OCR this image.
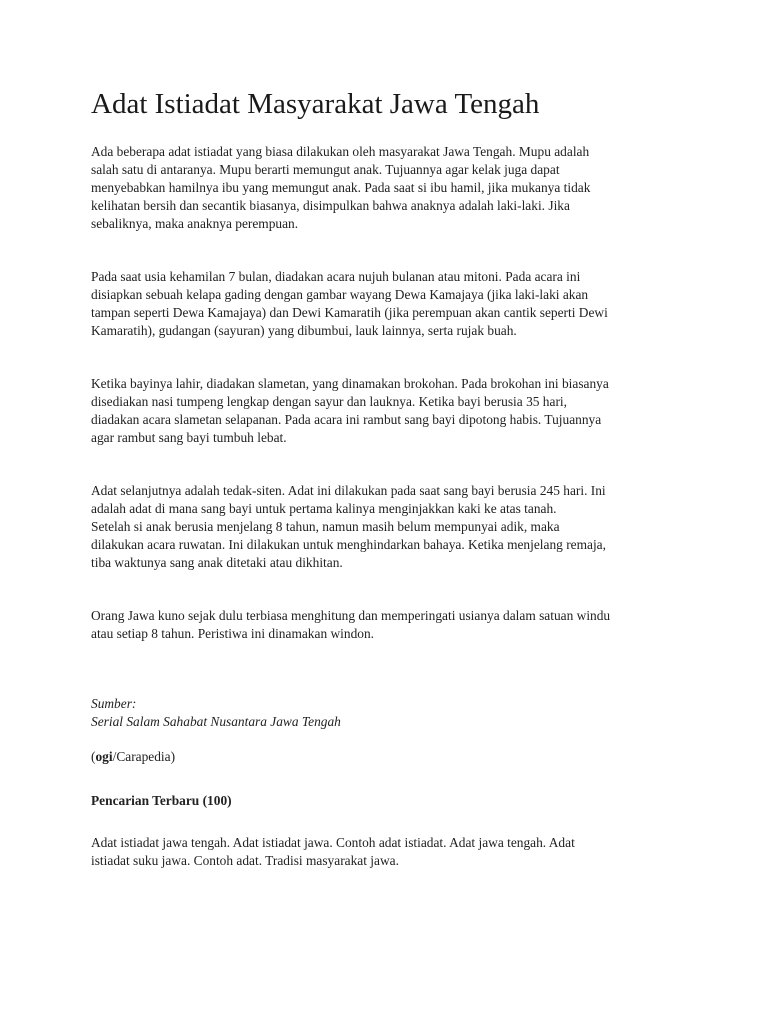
Adat Istiadat Masyarakat Jawa Tengah

Ada beberapa adat istiadat yang biasa dilakukan oleh masyarakat Jawa Tengah. Mupu adalah
salah satu di antaranya. Mupu berarti memungut anak. Tujuannya agar kelak juga dapat
menyebabkan hamilnya ibu yang memungut anak. Pada saat si ibu hamil, jika mukanya tidak
kelihatan bersih dan secantik biasanya, disimpulkan bahwa anaknya adalah laki-laki. Jika
sebaliknya, maka anaknya perempuan.

Pada saat usia kehamilan 7 bulan, diadakan acara nujuh bulanan atau mitoni. Pada acara ini
disiapkan sebuah kelapa gading dengan gambar wayang Dewa Kamajaya (jika laki-laki akan
tampan seperti Dewa Kamajaya) dan Dewi Kamaratih (jika perempuan akan cantik seperti Dewi
Kamaratih), gudangan (sayuran) yang dibumbui, lauk lainnya, serta rujak buah.

Ketika bayinya lahir, diadakan slametan, yang dinamakan brokohan. Pada brokohan ini biasanya
disediakan nasi tumpeng lengkap dengan sayur dan lauknya. Ketika bayi berusia 35 hari,
diadakan acara slametan selapanan. Pada acara ini rambut sang bayi dipotong habis. Tujuannya
agar rambut sang bayi tumbuh lebat.

Adat selanjutnya adalah tedak-siten. Adat ini dilakukan pada saat sang bayi berusia 245 hari. Ini
adalah adat di mana sang bayi untuk pertama kalinya menginjakkan kaki ke atas tanah.
Setelah si anak berusia menjelang 8 tahun, namun masih belum mempunyai adik, maka
dilakukan acara ruwatan. Ini dilakukan untuk menghindarkan bahaya. Ketika menjelang remaja,
tiba waktunya sang anak ditetaki atau dikhitan.

Orang Jawa kuno sejak dulu terbiasa menghitung dan memperingati usianya dalam satuan windu
atau setiap 8 tahun. Peristiwa ini dinamakan windon.

Sumber:
Serial Salam Sahabat Nusantara Jawa Tengah

(ogi/Carapedia)

Pencarian Terbaru (100)

Adat istiadat jawa tengah. Adat istiadat jawa. Contoh adat istiadat. Adat jawa tengah. Adat
istiadat suku jawa. Contoh adat. Tradisi masyarakat jawa.
